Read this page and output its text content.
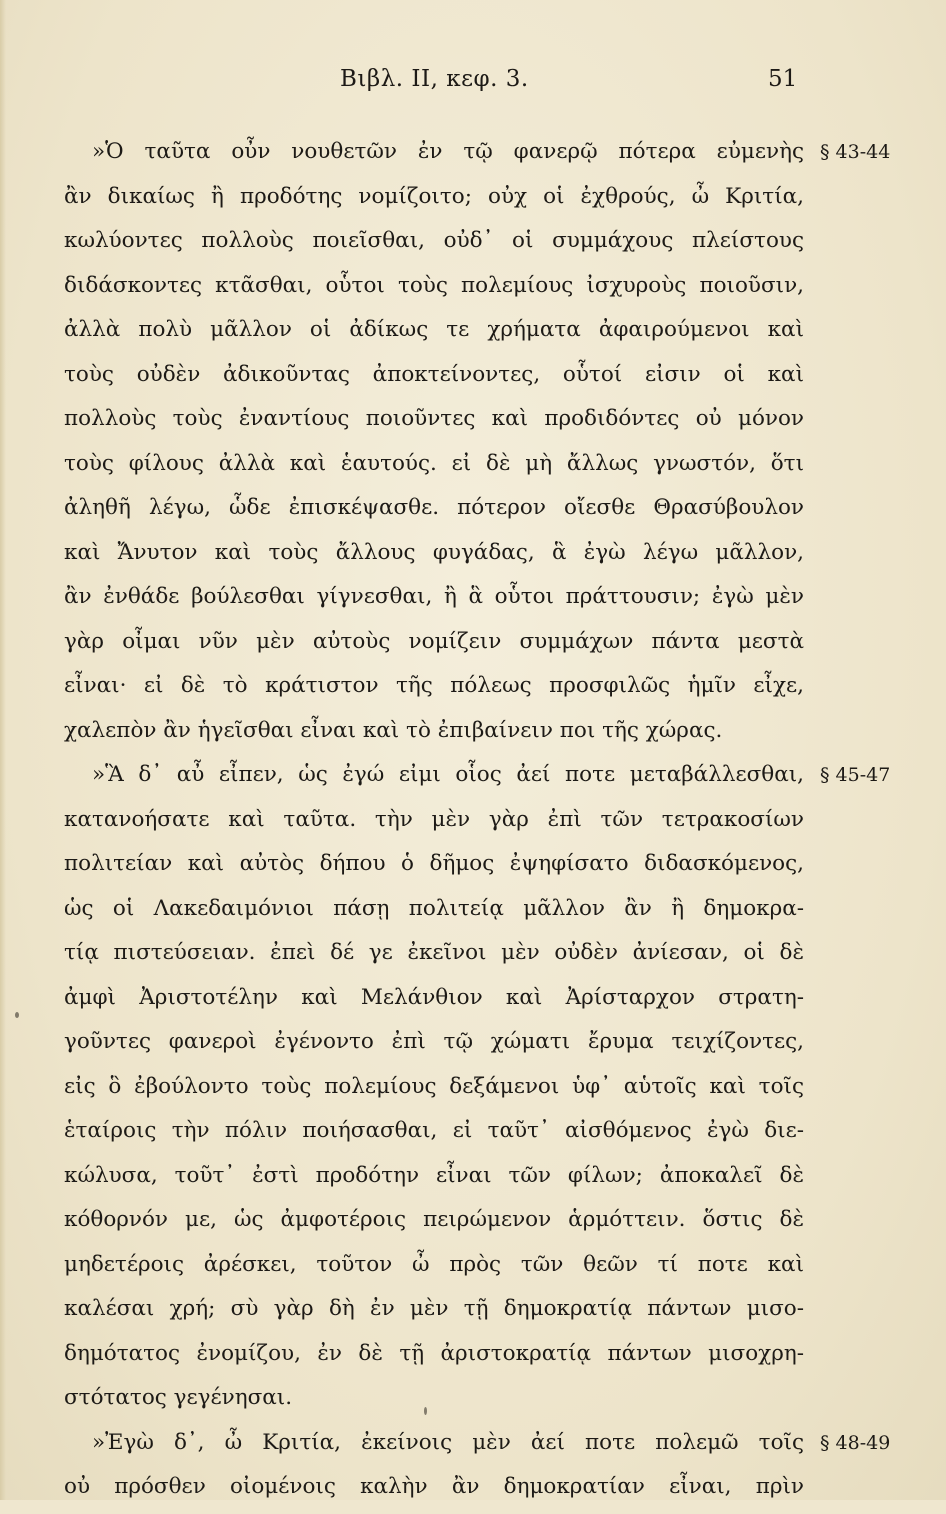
Βιβλ. ΙΙ, κεφ. 3.	51
»Ὁ ταῦτα οὖν νουθετῶν ἐν τῷ φανερῷ πότερα εὐμενὴς § 43-44
ἂν δικαίως ἢ προδότης νομίζοιτο; οὐχ οἱ ἐχθρούς, ὦ Κριτία,
κωλύοντες πολλοὺς ποιεῖσθαι, οὐδ᾽ οἱ συμμάχους πλείστους
διδάσκοντες κτᾶσθαι, οὗτοι τοὺς πολεμίους ἰσχυροὺς ποιοῦσιν,
ἀλλὰ πολὺ μᾶλλον οἱ ἀδίκως τε χρήματα ἀφαιρούμενοι καὶ
τοὺς οὐδὲν ἀδικοῦντας ἀποκτείνοντες, οὗτοί εἰσιν οἱ καὶ
πολλοὺς τοὺς ἐναντίους ποιοῦντες καὶ προδιδόντες οὐ μόνον
τοὺς φίλους ἀλλὰ καὶ ἑαυτούς. εἰ δὲ μὴ ἄλλως γνωστόν, ὅτι
ἀληθῆ λέγω, ὧδε ἐπισκέψασθε. πότερον οἴεσθε Θρασύβουλον
καὶ Ἄνυτον καὶ τοὺς ἄλλους φυγάδας, ἃ ἐγὼ λέγω μᾶλλον,
ἂν ἐνθάδε βούλεσθαι γίγνεσθαι, ἢ ἃ οὗτοι πράττουσιν; ἐγὼ μὲν
γὰρ οἶμαι νῦν μὲν αὐτοὺς νομίζειν συμμάχων πάντα μεστὰ
εἶναι· εἰ δὲ τὸ κράτιστον τῆς πόλεως προσφιλῶς ἡμῖν εἶχε,
χαλεπὸν ἂν ἡγεῖσθαι εἶναι καὶ τὸ ἐπιβαίνειν ποι τῆς χώρας.
»Ἃ δ᾽ αὖ εἶπεν, ὡς ἐγώ εἰμι οἷος ἀεί ποτε μεταβάλλεσθαι, § 45-47
κατανοήσατε καὶ ταῦτα. τὴν μὲν γὰρ ἐπὶ τῶν τετρακοσίων
πολιτείαν καὶ αὐτὸς δήπου ὁ δῆμος ἐψηφίσατο διδασκόμενος,
ὡς οἱ Λακεδαιμόνιοι πάσῃ πολιτείᾳ μᾶλλον ἂν ἢ δημοκρα-
τίᾳ πιστεύσειαν. ἐπεὶ δέ γε ἐκεῖνοι μὲν οὐδὲν ἀνίεσαν, οἱ δὲ
ἀμφὶ Ἀριστοτέλην καὶ Μελάνθιον καὶ Ἀρίσταρχον στρατη-
γοῦντες φανεροὶ ἐγένοντο ἐπὶ τῷ χώματι ἔρυμα τειχίζοντες,
εἰς ὃ ἐβούλοντο τοὺς πολεμίους δεξάμενοι ὑφ᾽ αὑτοῖς καὶ τοῖς
ἑταίροις τὴν πόλιν ποιήσασθαι, εἰ ταῦτ᾽ αἰσθόμενος ἐγὼ διε-
κώλυσα, τοῦτ᾽ ἐστὶ προδότην εἶναι τῶν φίλων; ἀποκαλεῖ δὲ
κόθορνόν με, ὡς ἀμφοτέροις πειρώμενον ἁρμόττειν. ὅστις δὲ
μηδετέροις ἀρέσκει, τοῦτον ὦ πρὸς τῶν θεῶν τί ποτε καὶ
καλέσαι χρή; σὺ γὰρ δὴ ἐν μὲν τῇ δημοκρατίᾳ πάντων μισο-
δημότατος ἐνομίζου, ἐν δὲ τῇ ἀριστοκρατίᾳ πάντων μισοχρη-
στότατος γεγένησαι.
»Ἐγὼ δ᾽, ὦ Κριτία, ἐκείνοις μὲν ἀεί ποτε πολεμῶ τοῖς § 48-49
οὐ πρόσθεν οἰομένοις καλὴν ἂν δημοκρατίαν εἶναι, πρὶν
